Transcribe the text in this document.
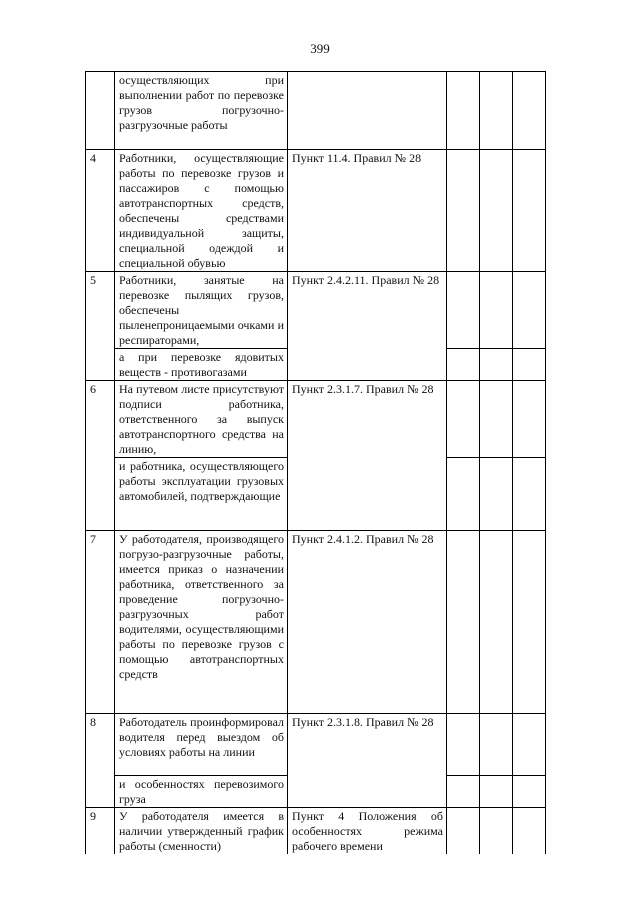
399
	осуществляющих при выполнении работ по перевозке грузов погрузочно-разгрузочные работы				
4	Работники, осуществляющие работы по перевозке грузов и пассажиров с помощью автотранспортных средств, обеспечены средствами индивидуальной защиты, специальной одеждой и специальной обувью	Пункт 11.4. Правил № 28			
5	Работники, занятые на перевозке пылящих грузов, обеспечены пыленепроницаемыми очками и респираторами,	Пункт 2.4.2.11. Правил № 28			
	а при перевозке ядовитых веществ - противогазами				
6	На путевом листе присутствуют подписи работника, ответственного за выпуск автотранспортного средства на линию,	Пункт 2.3.1.7. Правил № 28			
	и работника, осуществляющего работы эксплуатации грузовых автомобилей, подтверждающие				
7	У работодателя, производящего погрузо-разгрузочные работы, имеется приказ о назначении работника, ответственного за проведение погрузочно-разгрузочных работ водителями, осуществляющими работы по перевозке грузов с помощью автотранспортных средств	Пункт 2.4.1.2. Правил № 28			
8	Работодатель проинформировал водителя перед выездом об условиях работы на линии	Пункт 2.3.1.8. Правил № 28			
	и особенностях перевозимого груза				
9	У работодателя имеется в наличии утвержденный график работы (сменности)	Пункт 4 Положения об особенностях режима рабочего времени			
